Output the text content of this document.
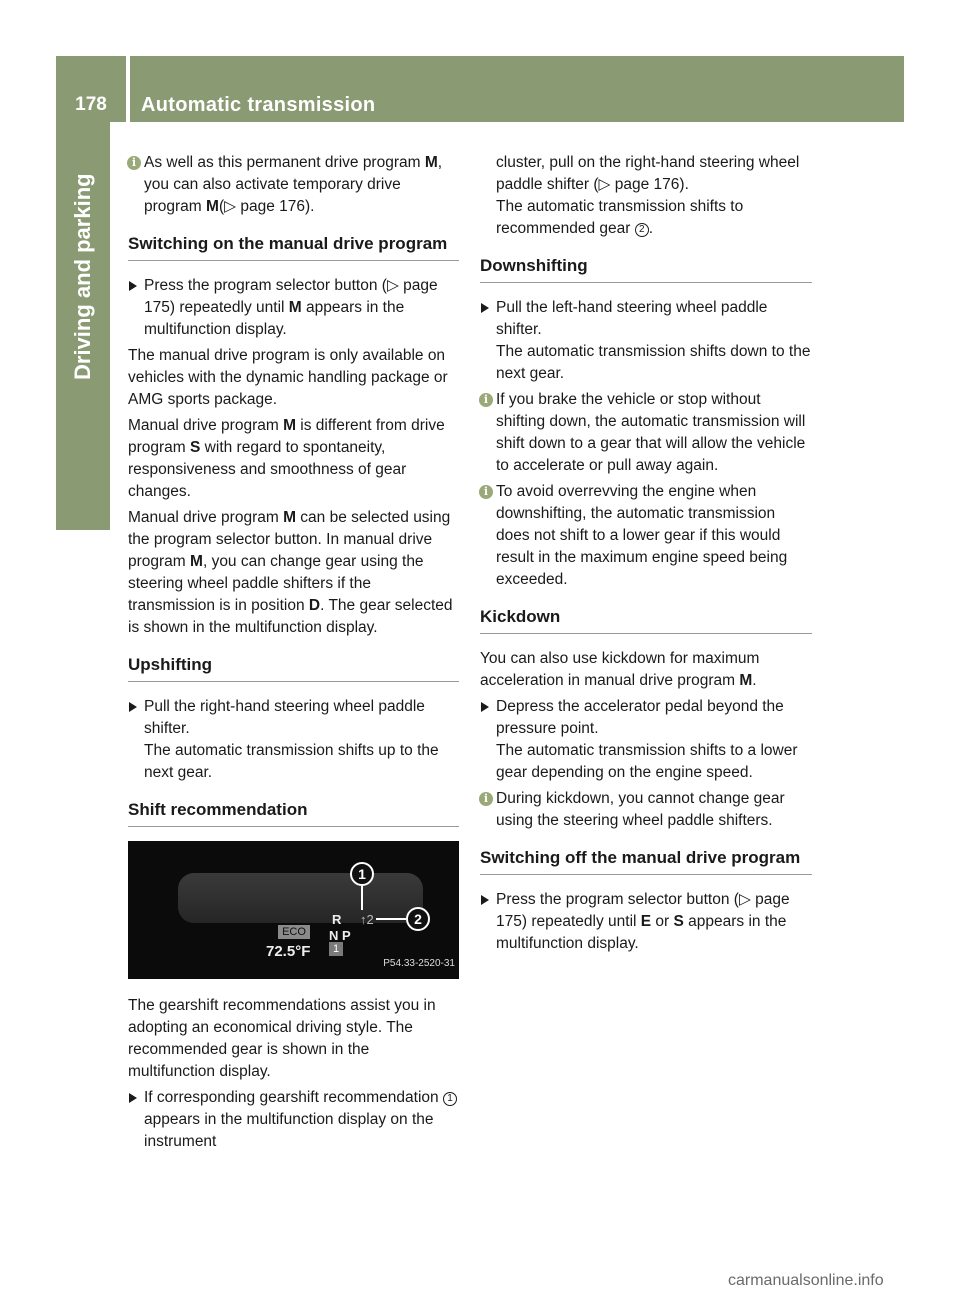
178	Automatic transmission
Driving and parking
i As well as this permanent drive program M, you can also activate temporary drive program M(▷ page 176).
Switching on the manual drive program
Press the program selector button (▷ page 175) repeatedly until M appears in the multifunction display.
The manual drive program is only available on vehicles with the dynamic handling package or AMG sports package.
Manual drive program M is different from drive program S with regard to spontaneity, responsiveness and smoothness of gear changes.
Manual drive program M can be selected using the program selector button. In manual drive program M, you can change gear using the steering wheel paddle shifters if the transmission is in position D. The gear selected is shown in the multifunction display.
Upshifting
Pull the right-hand steering wheel paddle shifter.
The automatic transmission shifts up to the next gear.
Shift recommendation
ECO
72.5°F	1
R
N P
↑2
1
2
P54.33-2520-31
The gearshift recommendations assist you in adopting an economical driving style. The recommended gear is shown in the multifunction display.
If corresponding gearshift recommendation 1 appears in the multifunction display on the instrument
cluster, pull on the right-hand steering wheel paddle shifter (▷ page 176).
The automatic transmission shifts to recommended gear 2 .
Downshifting
Pull the left-hand steering wheel paddle shifter.
The automatic transmission shifts down to the next gear.
i If you brake the vehicle or stop without shifting down, the automatic transmission will shift down to a gear that will allow the vehicle to accelerate or pull away again.
i To avoid overrevving the engine when downshifting, the automatic transmission does not shift to a lower gear if this would result in the maximum engine speed being exceeded.
Kickdown
You can also use kickdown for maximum acceleration in manual drive program M.
Depress the accelerator pedal beyond the pressure point.
The automatic transmission shifts to a lower gear depending on the engine speed.
i During kickdown, you cannot change gear using the steering wheel paddle shifters.
Switching off the manual drive program
Press the program selector button (▷ page 175) repeatedly until E or S appears in the multifunction display.
carmanualsonline.info
